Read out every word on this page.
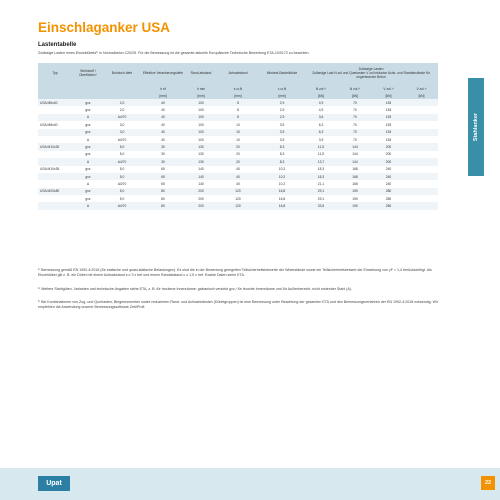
Einschlaganker USA
Lastentabelle
Zulässige Lasten eines Einzeldübels¹⁾ in Normalbeton C20/25. Für die Bemessung ist die gesamte aktuelle Europäische Technische Bewertung ETA-10/0172 zu beachten.
Typ	Werkstoff / Oberfläche²⁾	Bohrloch-tiefe	Effektive Verankerungstiefe	Rand-abstand	Achsabstand	Mindest-Bauteildicke	Zulässige Lasten
Zulässige Last N zul und Querlasten V zul inklusive Achs- und Randabstände für ungerissenen Beton			

			h ef	h min	s cr,N	c cr,N	N zul ³⁾	N zul ³⁾	V zul ³⁾	V zul ³⁾
			[mm]	[mm]	[mm]	[mm]	[kN]	[kN]	[kN]	[kN]
USA M6x40	gvz	2,0	40	100	8	2,9	4,9	70	153	
	gvz	2,0	40	100	8	2,9	4,9	70	153	
	A	A4/70	40	100	8	2,9	3,6	70	153	
USA M8x40	gvz	3,0	40	100	10	3,9	6,3	70	153	
	gvz	3,0	40	100	10	3,9	6,3	70	153	
	A	A4/70	40	100	10	3,9	3,9	70	153	
USA M10x30	gvz	5,0	30	130	20	8,3	11,5	144	200	
	gvz	5,0	30	130	20	8,3	11,5	144	200	
	A	A4/70	30	130	20	8,3	13,7	144	200	
USA M10x35	gvz	5,0	65	140	40	10,2	18,3	168	240	
	gvz	5,0	65	140	40	10,2	18,3	168	240	
	A	A4/70	65	140	40	10,2	21,1	168	240	
USA M20x80	gvz	5,0	80	200	120	16,8	29,1	190	280	
	gvz	5,0	80	200	120	16,8	29,1	190	280	
	A	A4/70	80	200	120	16,8	33,5	190	280	
Stahlanker
¹⁾ Bemessung gemäß EN 1992-4:2018 (für statische und quasi-statische Belastungen). Es sind die in der Bewertung geregelten Teilsicherheitsbeiwerte der Widerstände sowie ein Teilsicherheitsbeiwert der Einwirkung von γF = 1,4 berücksichtigt. Als Einzeldübel gilt z. B. ein Dübel mit einem Achsabstand s ≥ 3 x hef und einem Randabstand c ≥ 1,5 x hef. Exakte Daten siehe ETA.
²⁾ Weitere Stahlgüten, Varianten und technische Angaben siehe ETA, z. B. für trockene Innenräume; galvanisch verzinkt gvz / für feuchte Innenräume und für Außenbereich: nicht rostender Stahl (A).
³⁾ Bei Kombinationen von Zug- und Querlasten, Biegemomenten sowie reduzierten Rand- und Achsabständen (Dübelgruppen) ist eine Bemessung unter Beachtung der gesamten ETA und den Bemessungsverfahren der EN 1992-4:2018 notwendig. Wir empfehlen die Anwendung unserer Bemessungssoftware ZebiProfi.
Upat	22
